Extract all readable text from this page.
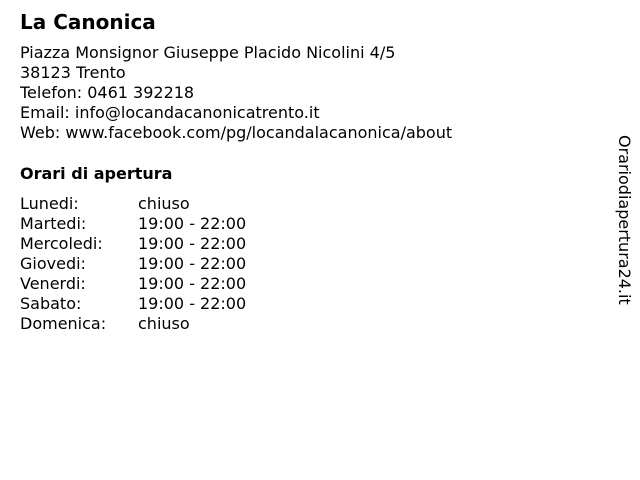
La Canonica
Piazza Monsignor Giuseppe Placido Nicolini 4/5
38123 Trento
Telefon: 0461 392218
Email: info@locandacanonicatrento.it
Web: www.facebook.com/pg/locandalacanonica/about
Orari di apertura
Lunedi:	chiuso
Martedi:	19:00 - 22:00
Mercoledi:	19:00 - 22:00
Giovedi:	19:00 - 22:00
Venerdi:	19:00 - 22:00
Sabato:	19:00 - 22:00
Domenica:	chiuso
Orariodiapertura24.it
